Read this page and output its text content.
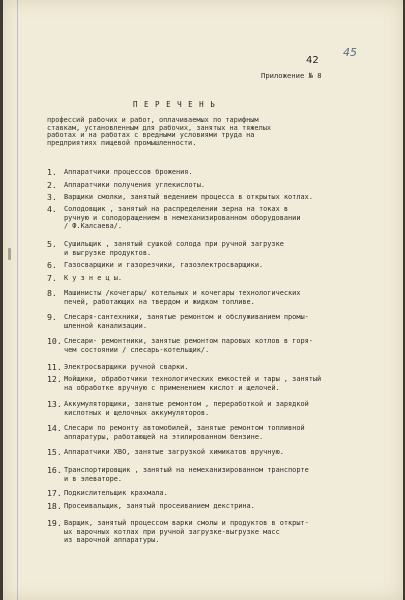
42
45
Приложение № 8
П Е Р Е Ч Е Н Ь
профессий рабочих и работ, оплачиваемых по тарифным
ставкам, установленным для рабочих, занятых на тяжелых
работах и на работах с вредными условиями труда на
предприятиях пищевой промышленности.
1. Аппаратчики процессов брожения.
2. Аппаратчики получения углекислоты.
3. Варщики смолки, занятый ведением процесса в открытых котлах.
4. Солодовщик , занятый на распределении зерна на токах в
ручную и солодоращением в немеханизированном оборудовании
/ Ф.Калсаева/.
5. Сушильщик , занятый сушкой солода при ручной загрузке
и выгрузке продуктов.
6. Газосварщики и газорезчики, газоэлектросварщики.
7. К у з н е ц ы.
8. Машинисты /кочегары/ котельных и кочегары технологических
печей, работающих на твердом и жидком топливе.
9. Слесаря-сантехники, занятые ремонтом и обслуживанием промы-
шленной канализации.
10. Слесари- ремонтники, занятые ремонтом паровых котлов в горя-
чем состоянии / слесарь-котельщик/.
11. Электросварщики ручной сварки.
12. Мойщики, обработчики технологических емкостей и тары , занятый
на обработке вручную с применением кислот и щелочей.
13. Аккумуляторщики, занятые ремонтом , переработкой и зарядкой
кислотных и щелочных аккумуляторов.
14. Слесари по ремонту автомобилей, занятые ремонтом топливной
аппаратуры, работающей на этилированном бензине.
15. Аппаратчики ХВО, занятые загрузкой химикатов вручную.
16. Транспортировщик , занятый на немеханизированном транспорте
и в элеваторе.
17. Подкислительщик крахмала.
18. Просеивальщик, занятый просеиванием декстрина.
19. Варщик, занятый процессом варки смолы и продуктов в открыт-
ых варочных котлах при ручной загрузке-выгрузке масс
из варочной аппаратуры.
